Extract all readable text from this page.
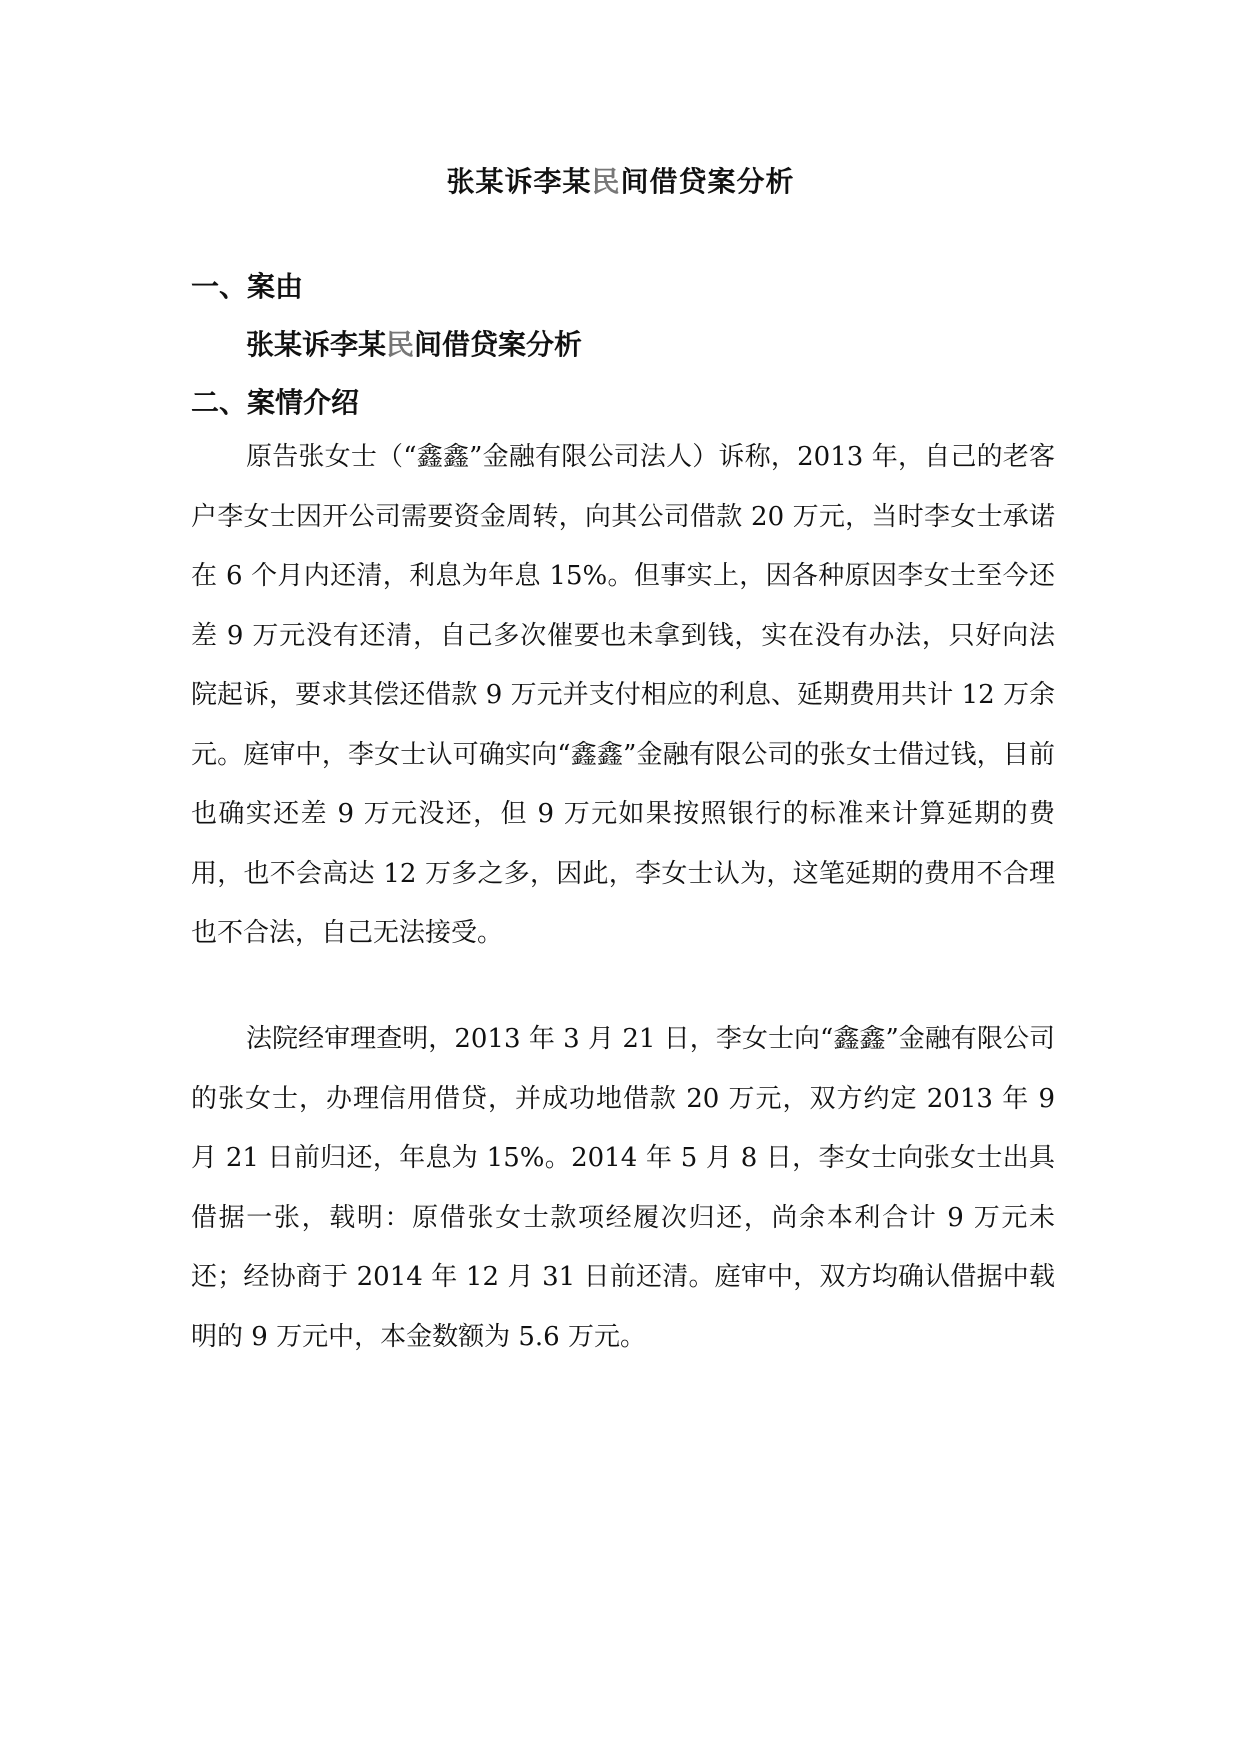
张某诉李某民间借贷案分析
一、案由
张某诉李某民间借贷案分析
二、案情介绍

原告张女士（“鑫鑫”金融有限公司法人）诉称，2013 年，自己的老客户李女士因开公司需要资金周转，向其公司借款 20 万元，当时李女士承诺在 6 个月内还清，利息为年息 15%。但事实上，因各种原因李女士至今还差 9 万元没有还清，自己多次催要也未拿到钱，实在没有办法，只好向法院起诉，要求其偿还借款 9 万元并支付相应的利息、延期费用共计 12 万余元。庭审中，李女士认可确实向“鑫鑫”金融有限公司的张女士借过钱，目前也确实还差 9 万元没还，但 9 万元如果按照银行的标准来计算延期的费用，也不会高达 12 万多之多，因此，李女士认为，这笔延期的费用不合理也不合法，自己无法接受。

法院经审理查明，2013 年 3 月 21 日，李女士向“鑫鑫”金融有限公司的张女士，办理信用借贷，并成功地借款 20 万元，双方约定 2013 年 9 月 21 日前归还，年息为 15%。2014 年 5 月 8 日，李女士向张女士出具借据一张，载明：原借张女士款项经履次归还，尚余本利合计 9 万元未还；经协商于 2014 年 12 月 31 日前还清。庭审中，双方均确认借据中载明的 9 万元中，本金数额为 5.6 万元。
